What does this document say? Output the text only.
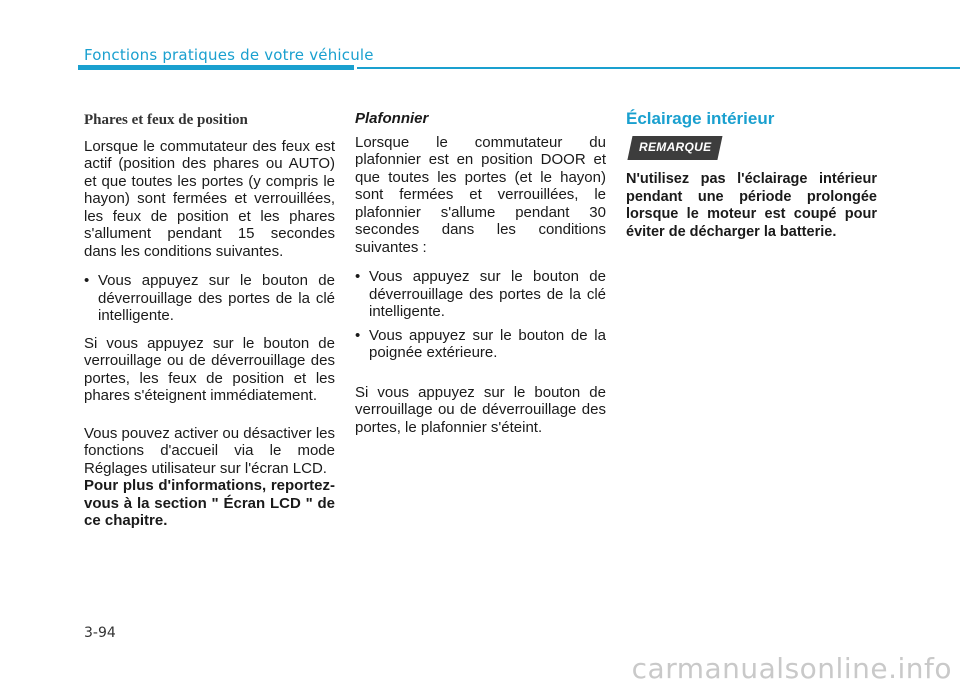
Fonctions pratiques de votre véhicule
Phares et feux de position

Lorsque le commutateur des feux est actif (position des phares ou AUTO) et que toutes les portes (y compris le hayon) sont fermées et verrouillées, les feux de position et les phares s'allument pendant 15 secondes dans les conditions suivantes.

• Vous appuyez sur le bouton de déverrouillage des portes de la clé intelligente.

Si vous appuyez sur le bouton de verrouillage ou de déverrouillage des portes, les feux de position et les phares s'éteignent immédiatement.

Vous pouvez activer ou désactiver les fonctions d'accueil via le mode Réglages utilisateur sur l'écran LCD.

Pour plus d'informations, reportez-vous à la section " Écran LCD " de ce chapitre.

Plafonnier

Lorsque le commutateur du plafonnier est en position DOOR et que toutes les portes (et le hayon) sont fermées et verrouillées, le plafonnier s'allume pendant 30 secondes dans les conditions suivantes :

• Vous appuyez sur le bouton de déverrouillage des portes de la clé intelligente.
• Vous appuyez sur le bouton de la poignée extérieure.

Si vous appuyez sur le bouton de verrouillage ou de déverrouillage des portes, le plafonnier s'éteint.

Éclairage intérieur
REMARQUE

N'utilisez pas l'éclairage intérieur pendant une période prolongée lorsque le moteur est coupé pour éviter de décharger la batterie.

3-94
carmanualsonline.info
